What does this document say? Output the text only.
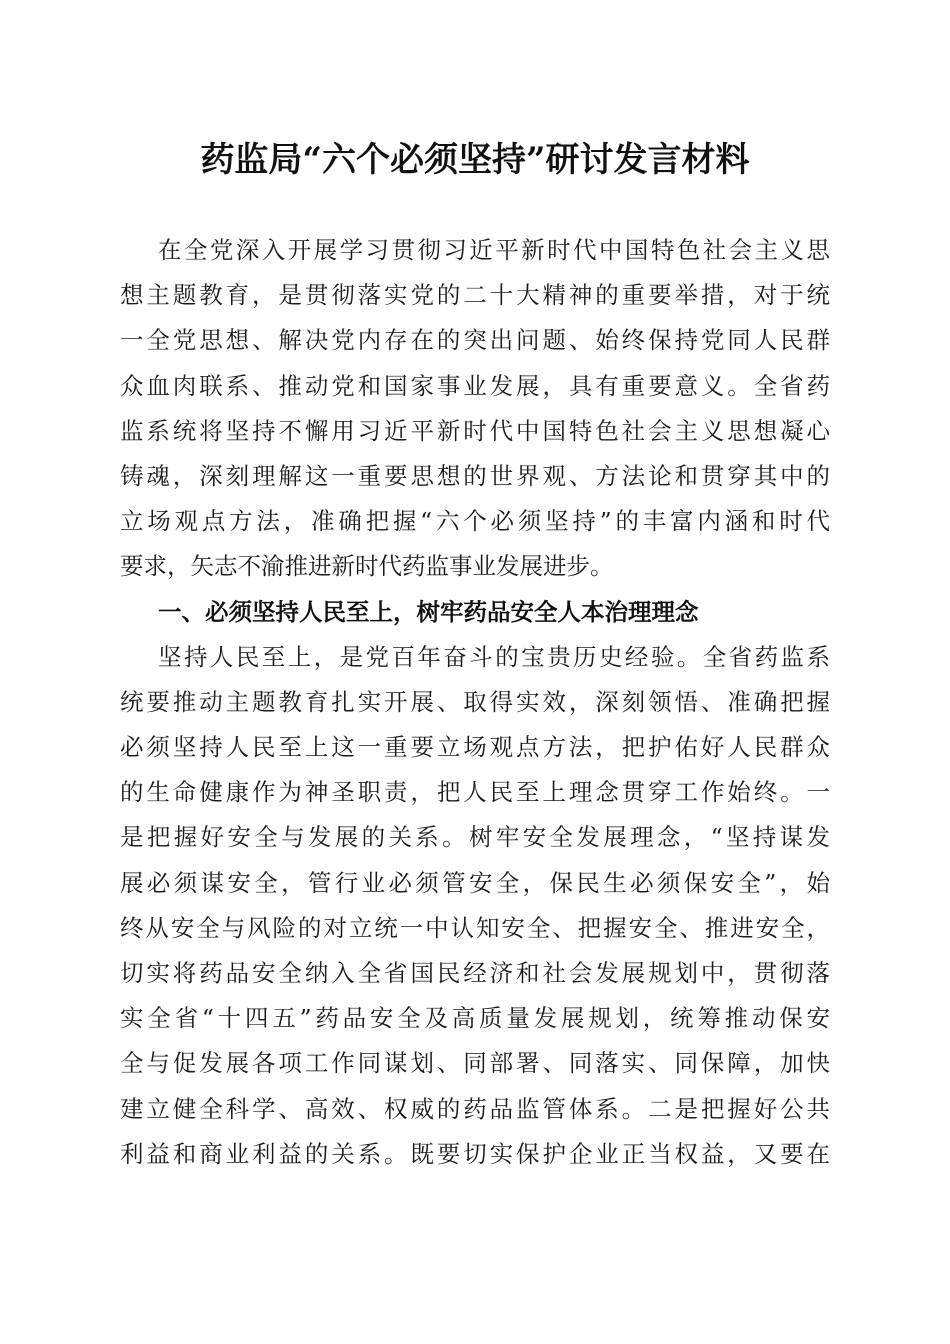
药监局“六个必须坚持”研讨发言材料
在全党深入开展学习贯彻习近平新时代中国特色社会主义思
想主题教育，是贯彻落实党的二十大精神的重要举措，对于统
一全党思想、解决党内存在的突出问题、始终保持党同人民群
众血肉联系、推动党和国家事业发展，具有重要意义。全省药
监系统将坚持不懈用习近平新时代中国特色社会主义思想凝心
铸魂，深刻理解这一重要思想的世界观、方法论和贯穿其中的
立场观点方法，准确把握“六个必须坚持”的丰富内涵和时代
要求，矢志不渝推进新时代药监事业发展进步。
一、必须坚持人民至上，树牢药品安全人本治理理念
坚持人民至上，是党百年奋斗的宝贵历史经验。全省药监系
统要推动主题教育扎实开展、取得实效，深刻领悟、准确把握
必须坚持人民至上这一重要立场观点方法，把护佑好人民群众
的生命健康作为神圣职责，把人民至上理念贯穿工作始终。一
是把握好安全与发展的关系。树牢安全发展理念，“坚持谋发
展必须谋安全，管行业必须管安全，保民生必须保安全”，始
终从安全与风险的对立统一中认知安全、把握安全、推进安全，
切实将药品安全纳入全省国民经济和社会发展规划中，贯彻落
实全省“十四五”药品安全及高质量发展规划，统筹推动保安
全与促发展各项工作同谋划、同部署、同落实、同保障，加快
建立健全科学、高效、权威的药品监管体系。二是把握好公共
利益和商业利益的关系。既要切实保护企业正当权益，又要在
